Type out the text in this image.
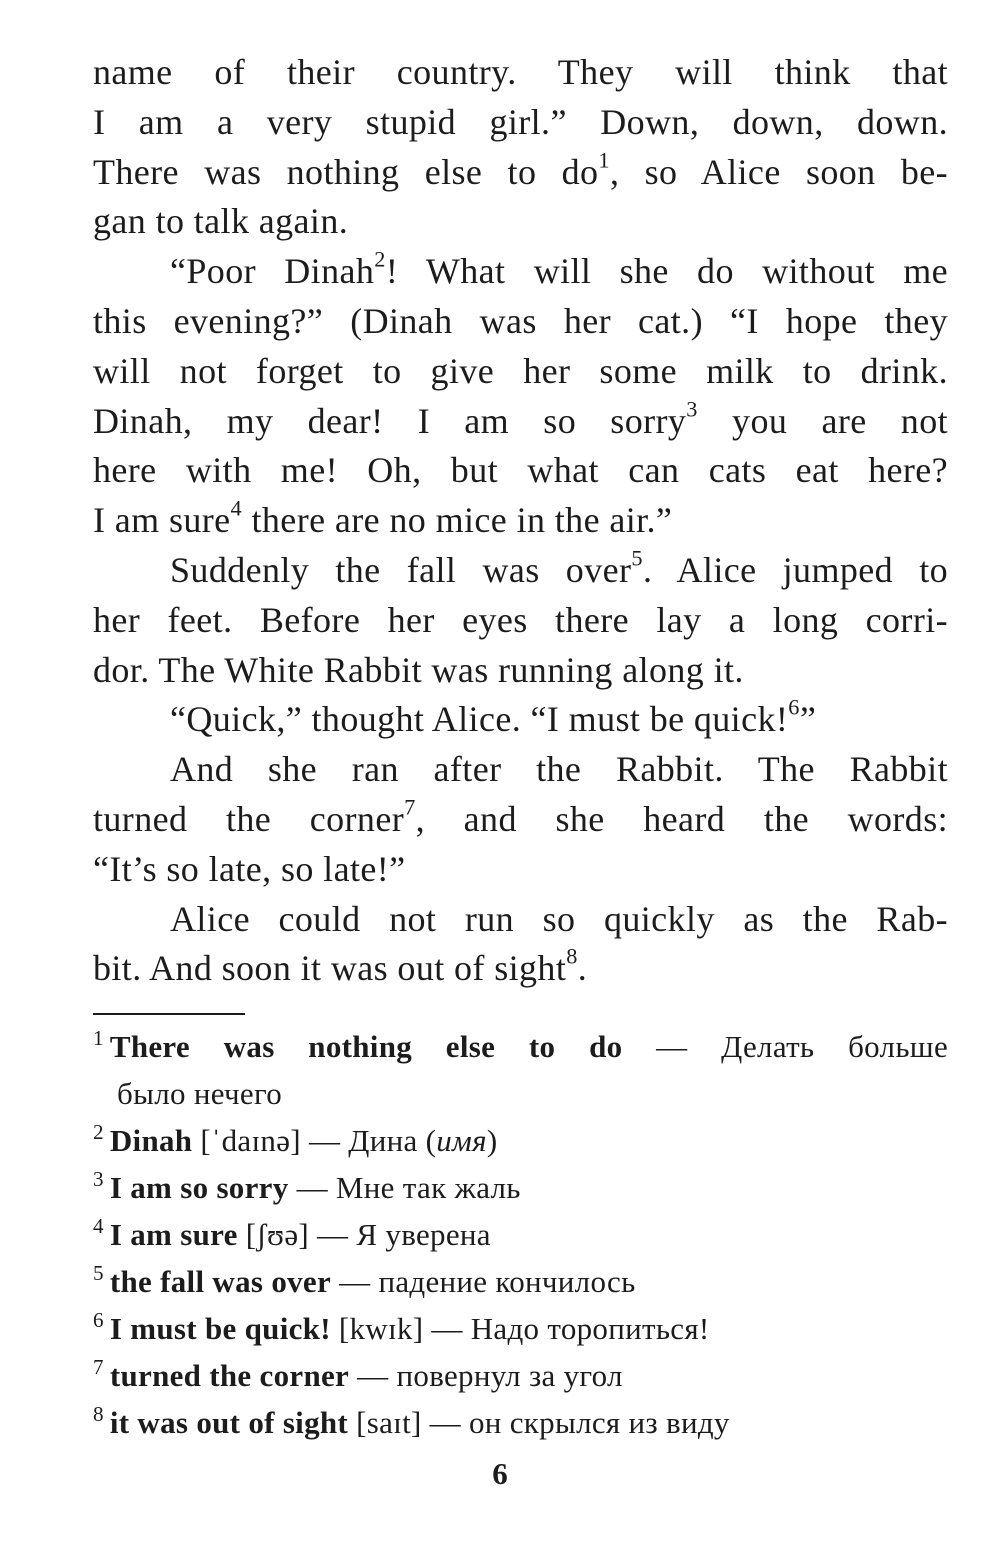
name of their country. They will think that
I am a very stupid girl.” Down, down, down.
There was nothing else to $do^1$, so Alice soon be-
gan to talk again.
“Poor Dinah$^2$! What will she do without me
this evening?” (Dinah was her cat.) “I hope they
will not forget to give her some milk to drink.
Dinah, my dear! I am so sorry$^3$ you are not
here with me! Oh, but what can cats eat here?
I am sure$^4$ there are no mice in the air.”
Suddenly the fall was over$^5$. Alice jumped to
her feet. Before her eyes there lay a long corri-
dor. The White Rabbit was running along it.
“Quick,” thought Alice. “I must be quick!$^6$”
And she ran after the Rabbit. The Rabbit
turned the corner$^7$, and she heard the words:
“It’s so late, so late!”
Alice could not run so quickly as the Rab-
bit. And soon it was out of sight$^8$.
$^1$ There was nothing else to do — Делать больше
было нечего
$^2$ Dinah [ˈdaɪnə] — Дина (имя)
$^3$ I am so sorry — Мне так жаль
$^4$ I am sure [ʃʊə] — Я уверена
$^5$ the fall was over — падение кончилось
$^6$ I must be quick! [kwɪk] — Надо торопиться!
$^7$ turned the corner — повернул за угол
$^8$ it was out of sight [saɪt] — он скрылся из виду
6
